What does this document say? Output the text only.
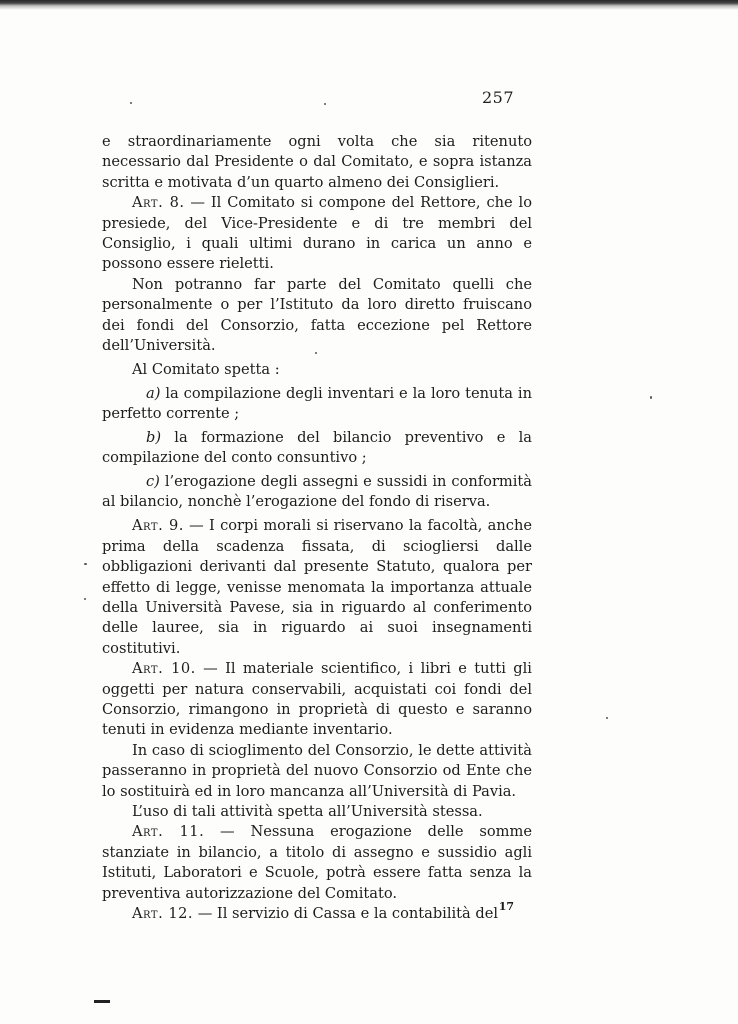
257

e straordinariamente ogni volta che sia ritenuto necessario dal Presidente o dal Comitato, e sopra istanza scritta e motivata d’un quarto almeno dei Consiglieri.

Art. 8. — Il Comitato si compone del Rettore, che lo presiede, del Vice-Presidente e di tre membri del Consiglio, i quali ultimi durano in carica un anno e possono essere rieletti.

Non potranno far parte del Comitato quelli che personalmente o per l’Istituto da loro diretto fruiscano dei fondi del Consorzio, fatta eccezione pel Rettore dell’Università.

Al Comitato spetta :

a) la compilazione degli inventari e la loro tenuta in perfetto corrente ;

b) la formazione del bilancio preventivo e la compilazione del conto consuntivo ;

c) l’erogazione degli assegni e sussidi in conformità al bilancio, nonchè l’erogazione del fondo di riserva.

Art. 9. — I corpi morali si riservano la facoltà, anche prima della scadenza fissata, di sciogliersi dalle obbligazioni derivanti dal presente Statuto, qualora per effetto di legge, venisse menomata la importanza attuale della Università Pavese, sia in riguardo al conferimento delle lauree, sia in riguardo ai suoi insegnamenti costitutivi.

Art. 10. — Il materiale scientifico, i libri e tutti gli oggetti per natura conservabili, acquistati coi fondi del Consorzio, rimangono in proprietà di questo e saranno tenuti in evidenza mediante inventario.

In caso di scioglimento del Consorzio, le dette attività passeranno in proprietà del nuovo Consorzio od Ente che lo sostituirà ed in loro mancanza all’Università di Pavia.

L’uso di tali attività spetta all’Università stessa.

Art. 11. — Nessuna erogazione delle somme stanziate in bilancio, a titolo di assegno e sussidio agli Istituti, Laboratori e Scuole, potrà essere fatta senza la preventiva autorizzazione del Comitato.

Art. 12. — Il servizio di Cassa e la contabilità del 17
